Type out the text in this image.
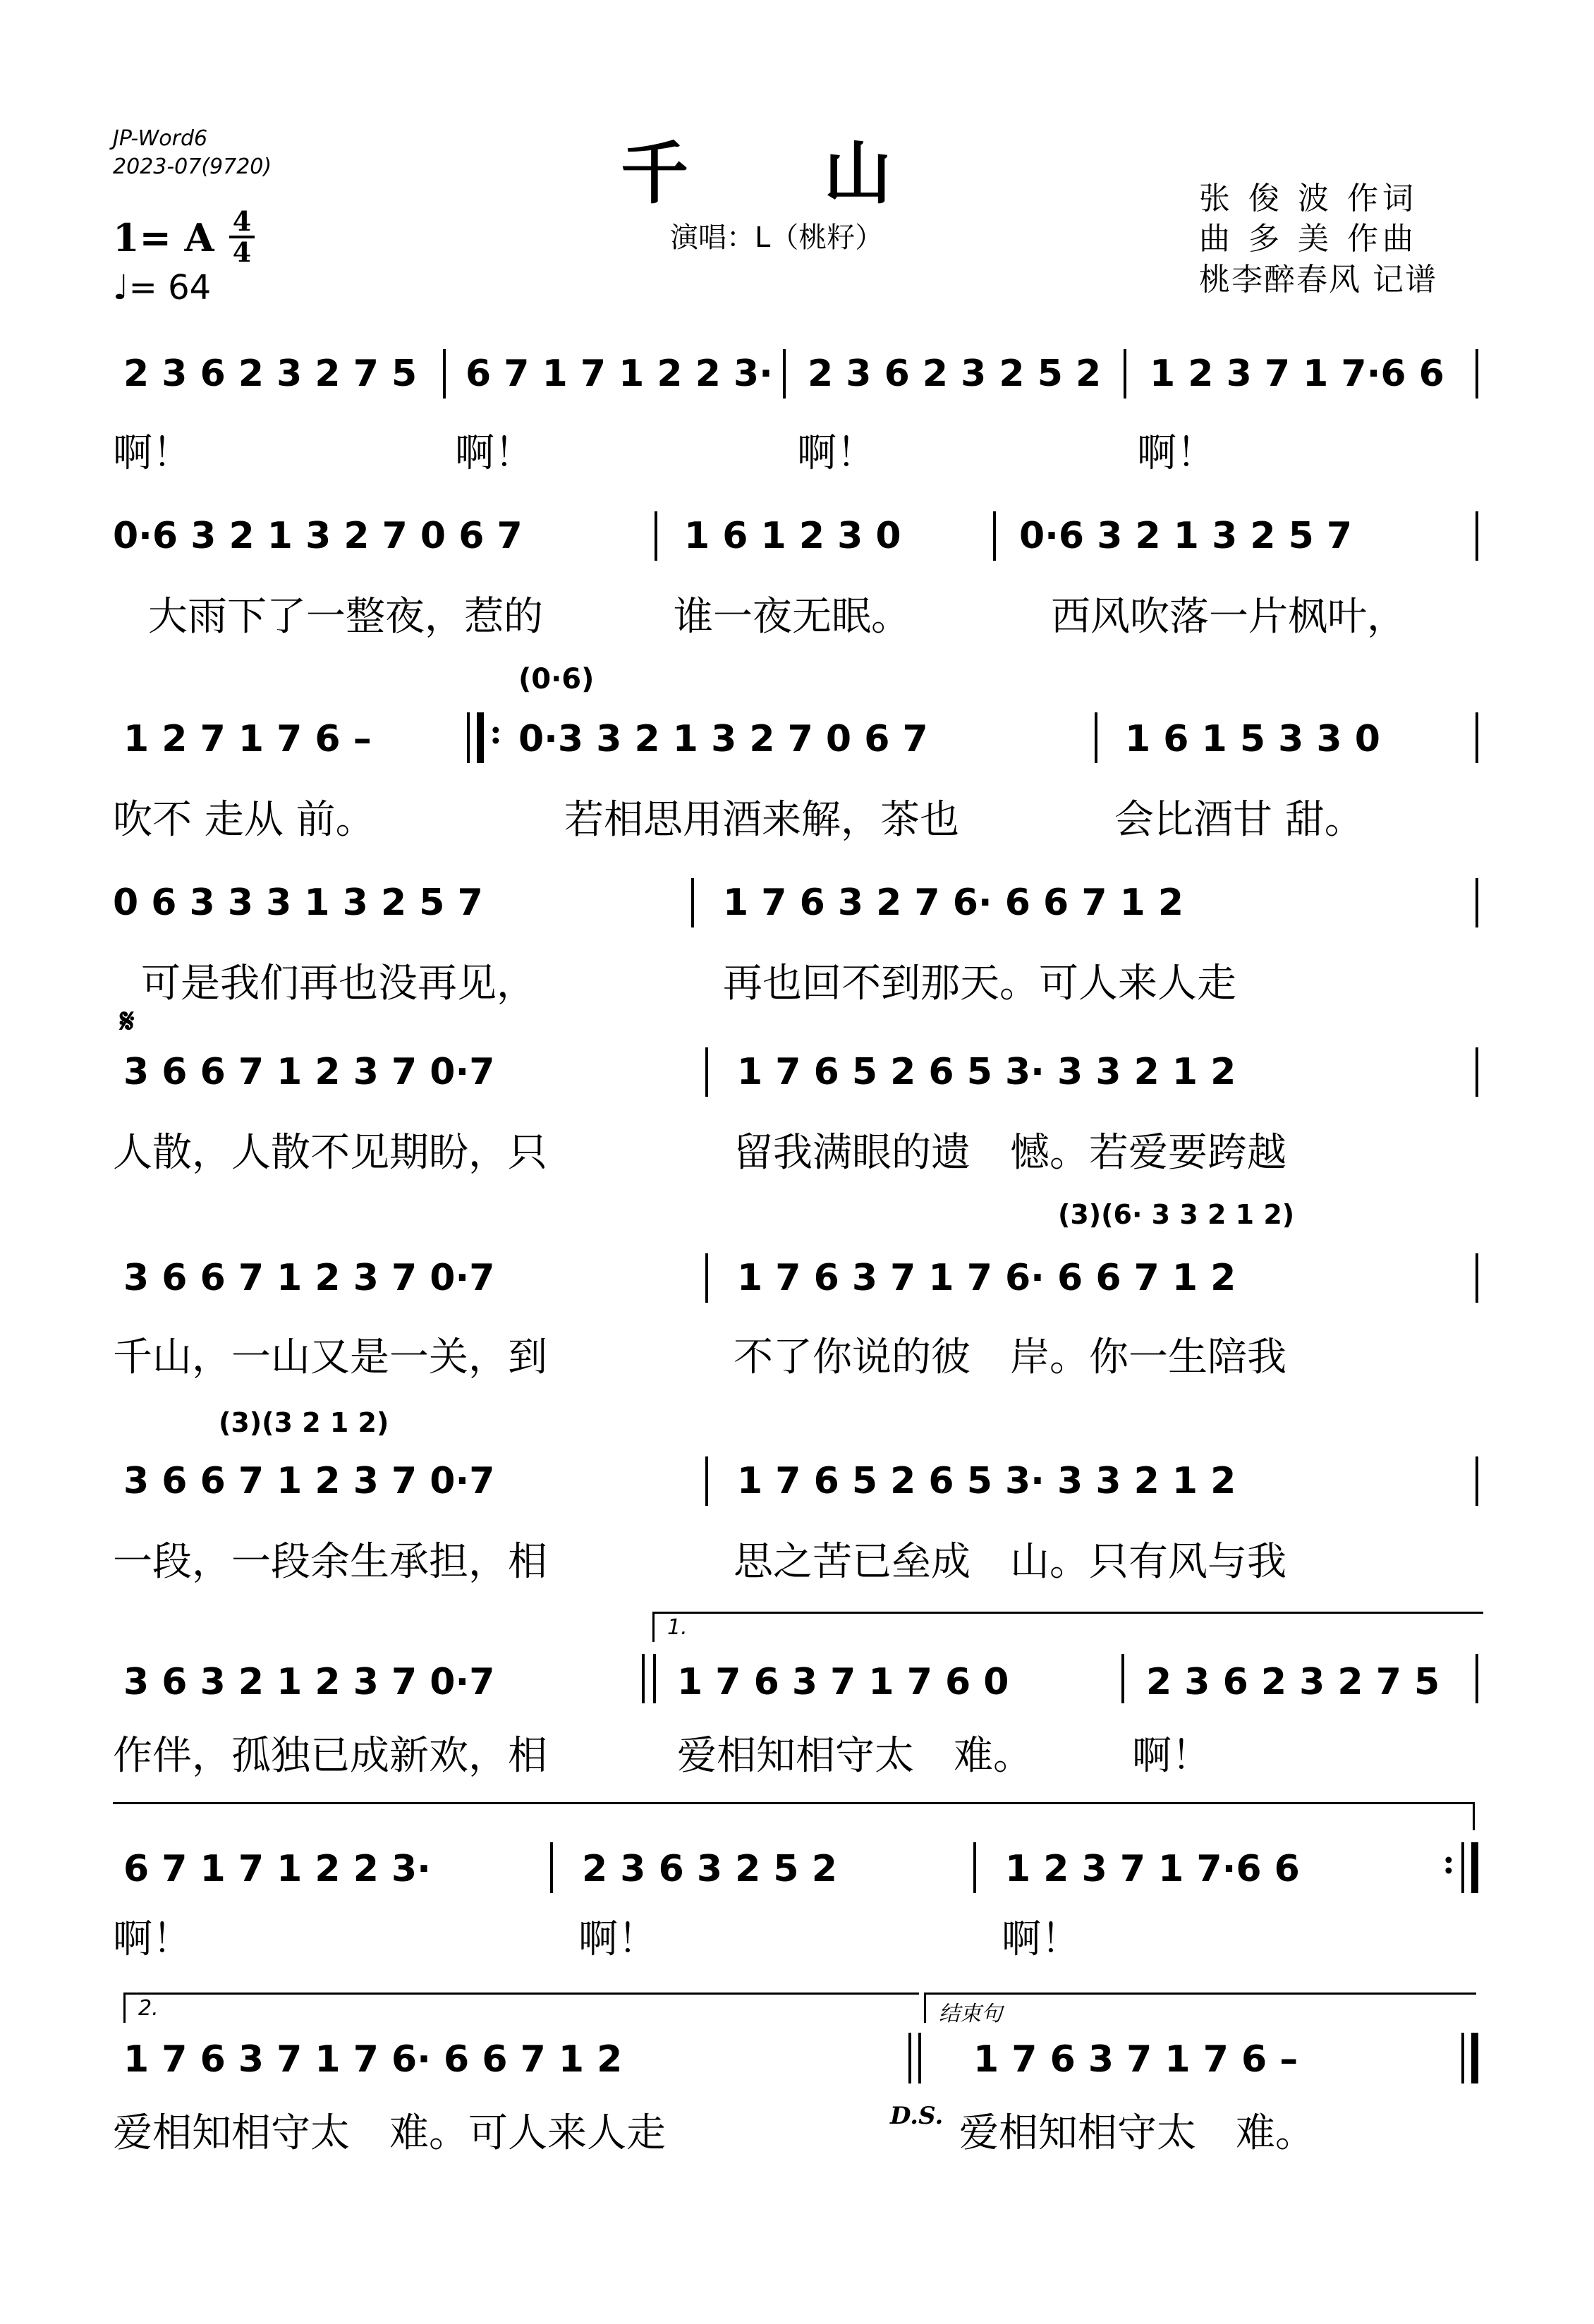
JP-Word6
2023-07(9720)	千　　山
演唱：L（桃籽）
张 俊 波 作词
曲 多 美 作曲
桃李醉春风 记谱
1= A 4
4
♩= 64
2 3 6 2 3 2 7 5 6 7 1 7 1 2 2 3· 2 3 6 2 3 2 5 2 1 2 3 7 1 7·6 6
啊！	啊！	啊！	啊！
0·6 3 2 1 3 2 7 0 6 7	1 6 1 2 3 0	0·6 3 2 1 3 2 5 7
大雨下了一整夜，惹的	谁一夜无眠。	西风吹落一片枫叶，
(0·6)
1 2 7 1 7 6 –	: 0·3 3 2 1 3 2 7 0 6 7	1 6 1 5 3 3 0
吹不 走从 前。	若相思用酒来解，茶也	会比酒甘 甜。
0 6 3 3 3 1 3 2 5 7	1 7 6 3 2 7 6· 6 6 7 1 2
可是我们再也没再见，	再也回不到那天。可人来人走
𝄋
3 6 6 7 1 2 3 7 0·7	1 7 6 5 2 6 5 3· 3 3 2 1 2
人散，人散不见期盼，只	留我满眼的遗　憾。若爱要跨越
(3)(6· 3 3 2 1 2)
3 6 6 7 1 2 3 7 0·7	1 7 6 3 7 1 7 6· 6 6 7 1 2
千山，一山又是一关，到	不了你说的彼　岸。你一生陪我
(3)(3 2 1 2)
3 6 6 7 1 2 3 7 0·7	1 7 6 5 2 6 5 3· 3 3 2 1 2
一段，一段余生承担，相	思之苦已垒成　山。只有风与我
1.
3 6 3 2 1 2 3 7 0·7	1 7 6 3 7 1 7 6 0	2 3 6 2 3 2 7 5
作伴，孤独已成新欢，相	爱相知相守太　难。	啊！
6 7 1 7 1 2 2 3·	2 3 6 3 2 5 2	1 2 3 7 1 7·6 6	:
啊！	啊！	啊！
2.	结束句
1 7 6 3 7 1 7 6· 6 6 7 1 2	1 7 6 3 7 1 7 6 –
爱相知相守太　难。可人来人走	D.S. 爱相知相守太　难。
